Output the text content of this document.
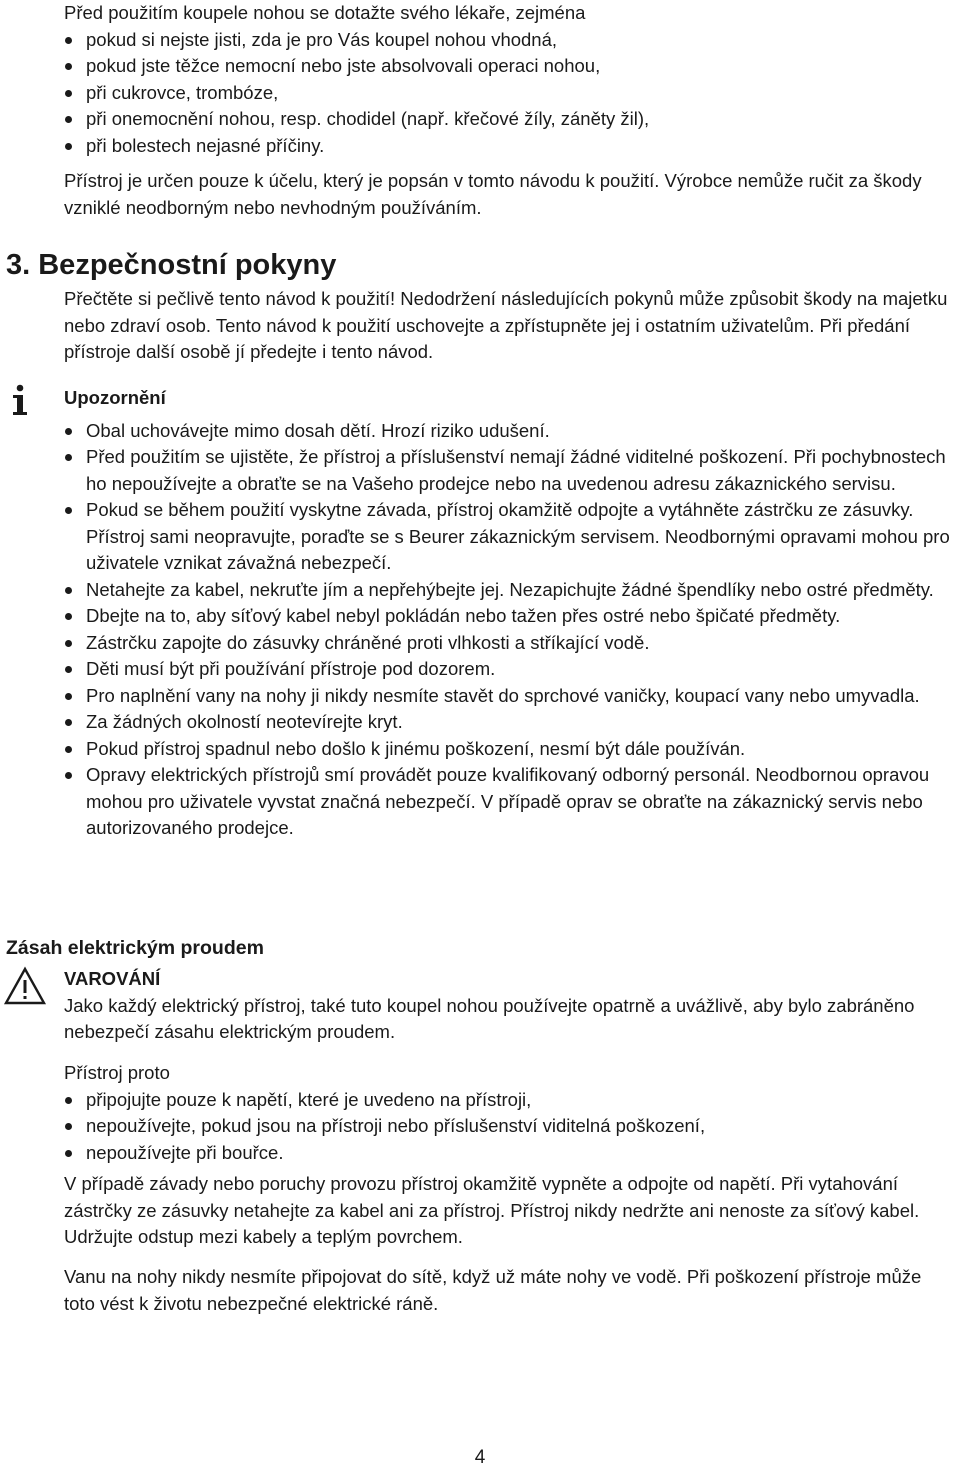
Před použitím koupele nohou se dotažte svého lékaře, zejména

pokud si nejste jisti, zda je pro Vás koupel nohou vhodná,
pokud jste těžce nemocní nebo jste absolvovali operaci nohou,
při cukrovce, trombóze,
při onemocnění nohou, resp. chodidel (např. křečové žíly, záněty žil),
při bolestech nejasné příčiny.

Přístroj je určen pouze k účelu, který je popsán v tomto návodu k použití. Výrobce nemůže ručit za škody vzniklé neodborným nebo nevhodným používáním.

3. Bezpečnostní pokyny

Přečtěte si pečlivě tento návod k použití! Nedodržení následujících pokynů může způsobit škody na majetku nebo zdraví osob. Tento návod k použití uschovejte a zpřístupněte jej i ostatním uživatelům. Při předání přístroje další osobě jí předejte i tento návod.

Upozornění

Obal uchovávejte mimo dosah dětí. Hrozí riziko udušení.
Před použitím se ujistěte, že přístroj a příslušenství nemají žádné viditelné poškození. Při pochybnostech ho nepoužívejte a obraťte se na Vašeho prodejce nebo na uvedenou adresu zákaznického servisu.
Pokud se během použití vyskytne závada, přístroj okamžitě odpojte a vytáhněte zástrčku ze zásuvky. Přístroj sami neopravujte, poraďte se s Beurer zákaznickým servisem. Neodbornými opravami mohou pro uživatele vznikat závažná nebezpečí.
Netahejte za kabel, nekruťte jím a nepřehýbejte jej. Nezapichujte žádné špendlíky nebo ostré předměty.
Dbejte na to, aby síťový kabel nebyl pokládán nebo tažen přes ostré nebo špičaté předměty.
Zástrčku zapojte do zásuvky chráněné proti vlhkosti a stříkající vodě.
Děti musí být při používání přístroje pod dozorem.
Pro naplnění vany na nohy ji nikdy nesmíte stavět do sprchové vaničky, koupací vany nebo umyvadla.
Za žádných okolností neotevírejte kryt.
Pokud přístroj spadnul nebo došlo k jinému poškození, nesmí být dále používán.
Opravy elektrických přístrojů smí provádět pouze kvalifikovaný odborný personál. Neodbornou opravou mohou pro uživatele vyvstat značná nebezpečí. V případě oprav se obraťte na zákaznický servis nebo autorizovaného prodejce.
Zásah elektrickým proudem

VAROVÁNÍ

Jako každý elektrický přístroj, také tuto koupel nohou používejte opatrně a uvážlivě, aby bylo zabráněno nebezpečí zásahu elektrickým proudem.

Přístroj proto

připojujte pouze k napětí, které je uvedeno na přístroji,
nepoužívejte, pokud jsou na přístroji nebo příslušenství viditelná poškození,
nepoužívejte při bouřce.

V případě závady nebo poruchy provozu přístroj okamžitě vypněte a odpojte od napětí. Při vytahování zástrčky ze zásuvky netahejte za kabel ani za přístroj. Přístroj nikdy nedržte ani nenoste za síťový kabel. Udržujte odstup mezi kabely a teplým povrchem.

Vanu na nohy nikdy nesmíte připojovat do sítě, když už máte nohy ve vodě. Při poškození přístroje může toto vést k životu nebezpečné elektrické ráně.

4
